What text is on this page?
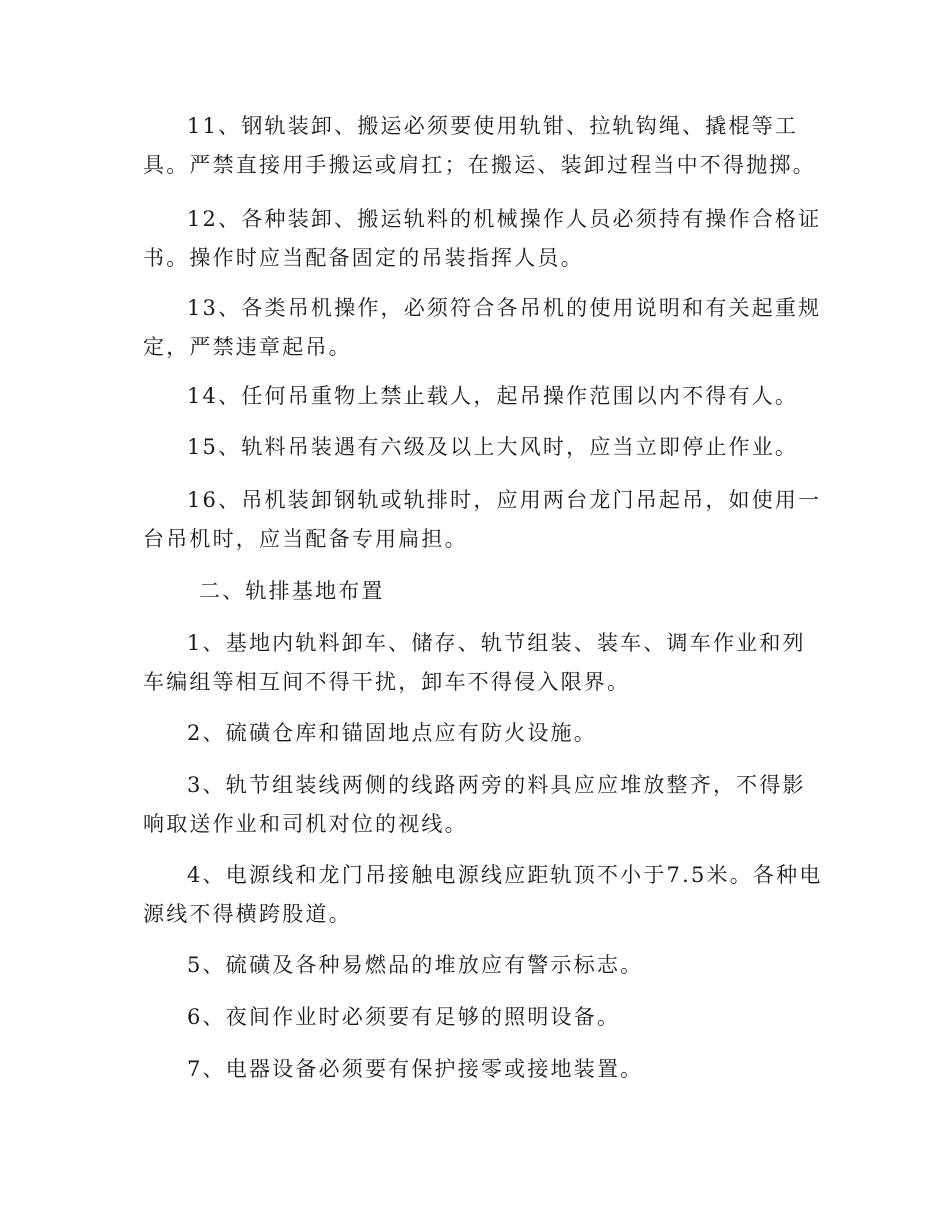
11、钢轨装卸、搬运必须要使用轨钳、拉轨钩绳、撬棍等工具。严禁直接用手搬运或肩扛；在搬运、装卸过程当中不得抛掷。

12、各种装卸、搬运轨料的机械操作人员必须持有操作合格证书。操作时应当配备固定的吊装指挥人员。

13、各类吊机操作，必须符合各吊机的使用说明和有关起重规定，严禁违章起吊。

14、任何吊重物上禁止载人，起吊操作范围以内不得有人。

15、轨料吊装遇有六级及以上大风时，应当立即停止作业。

16、吊机装卸钢轨或轨排时，应用两台龙门吊起吊，如使用一台吊机时，应当配备专用扁担。

二、轨排基地布置

1、基地内轨料卸车、储存、轨节组装、装车、调车作业和列车编组等相互间不得干扰，卸车不得侵入限界。

2、硫磺仓库和锚固地点应有防火设施。

3、轨节组装线两侧的线路两旁的料具应应堆放整齐，不得影响取送作业和司机对位的视线。

4、电源线和龙门吊接触电源线应距轨顶不小于7.5米。各种电源线不得横跨股道。

5、硫磺及各种易燃品的堆放应有警示标志。

6、夜间作业时必须要有足够的照明设备。

7、电器设备必须要有保护接零或接地装置。
